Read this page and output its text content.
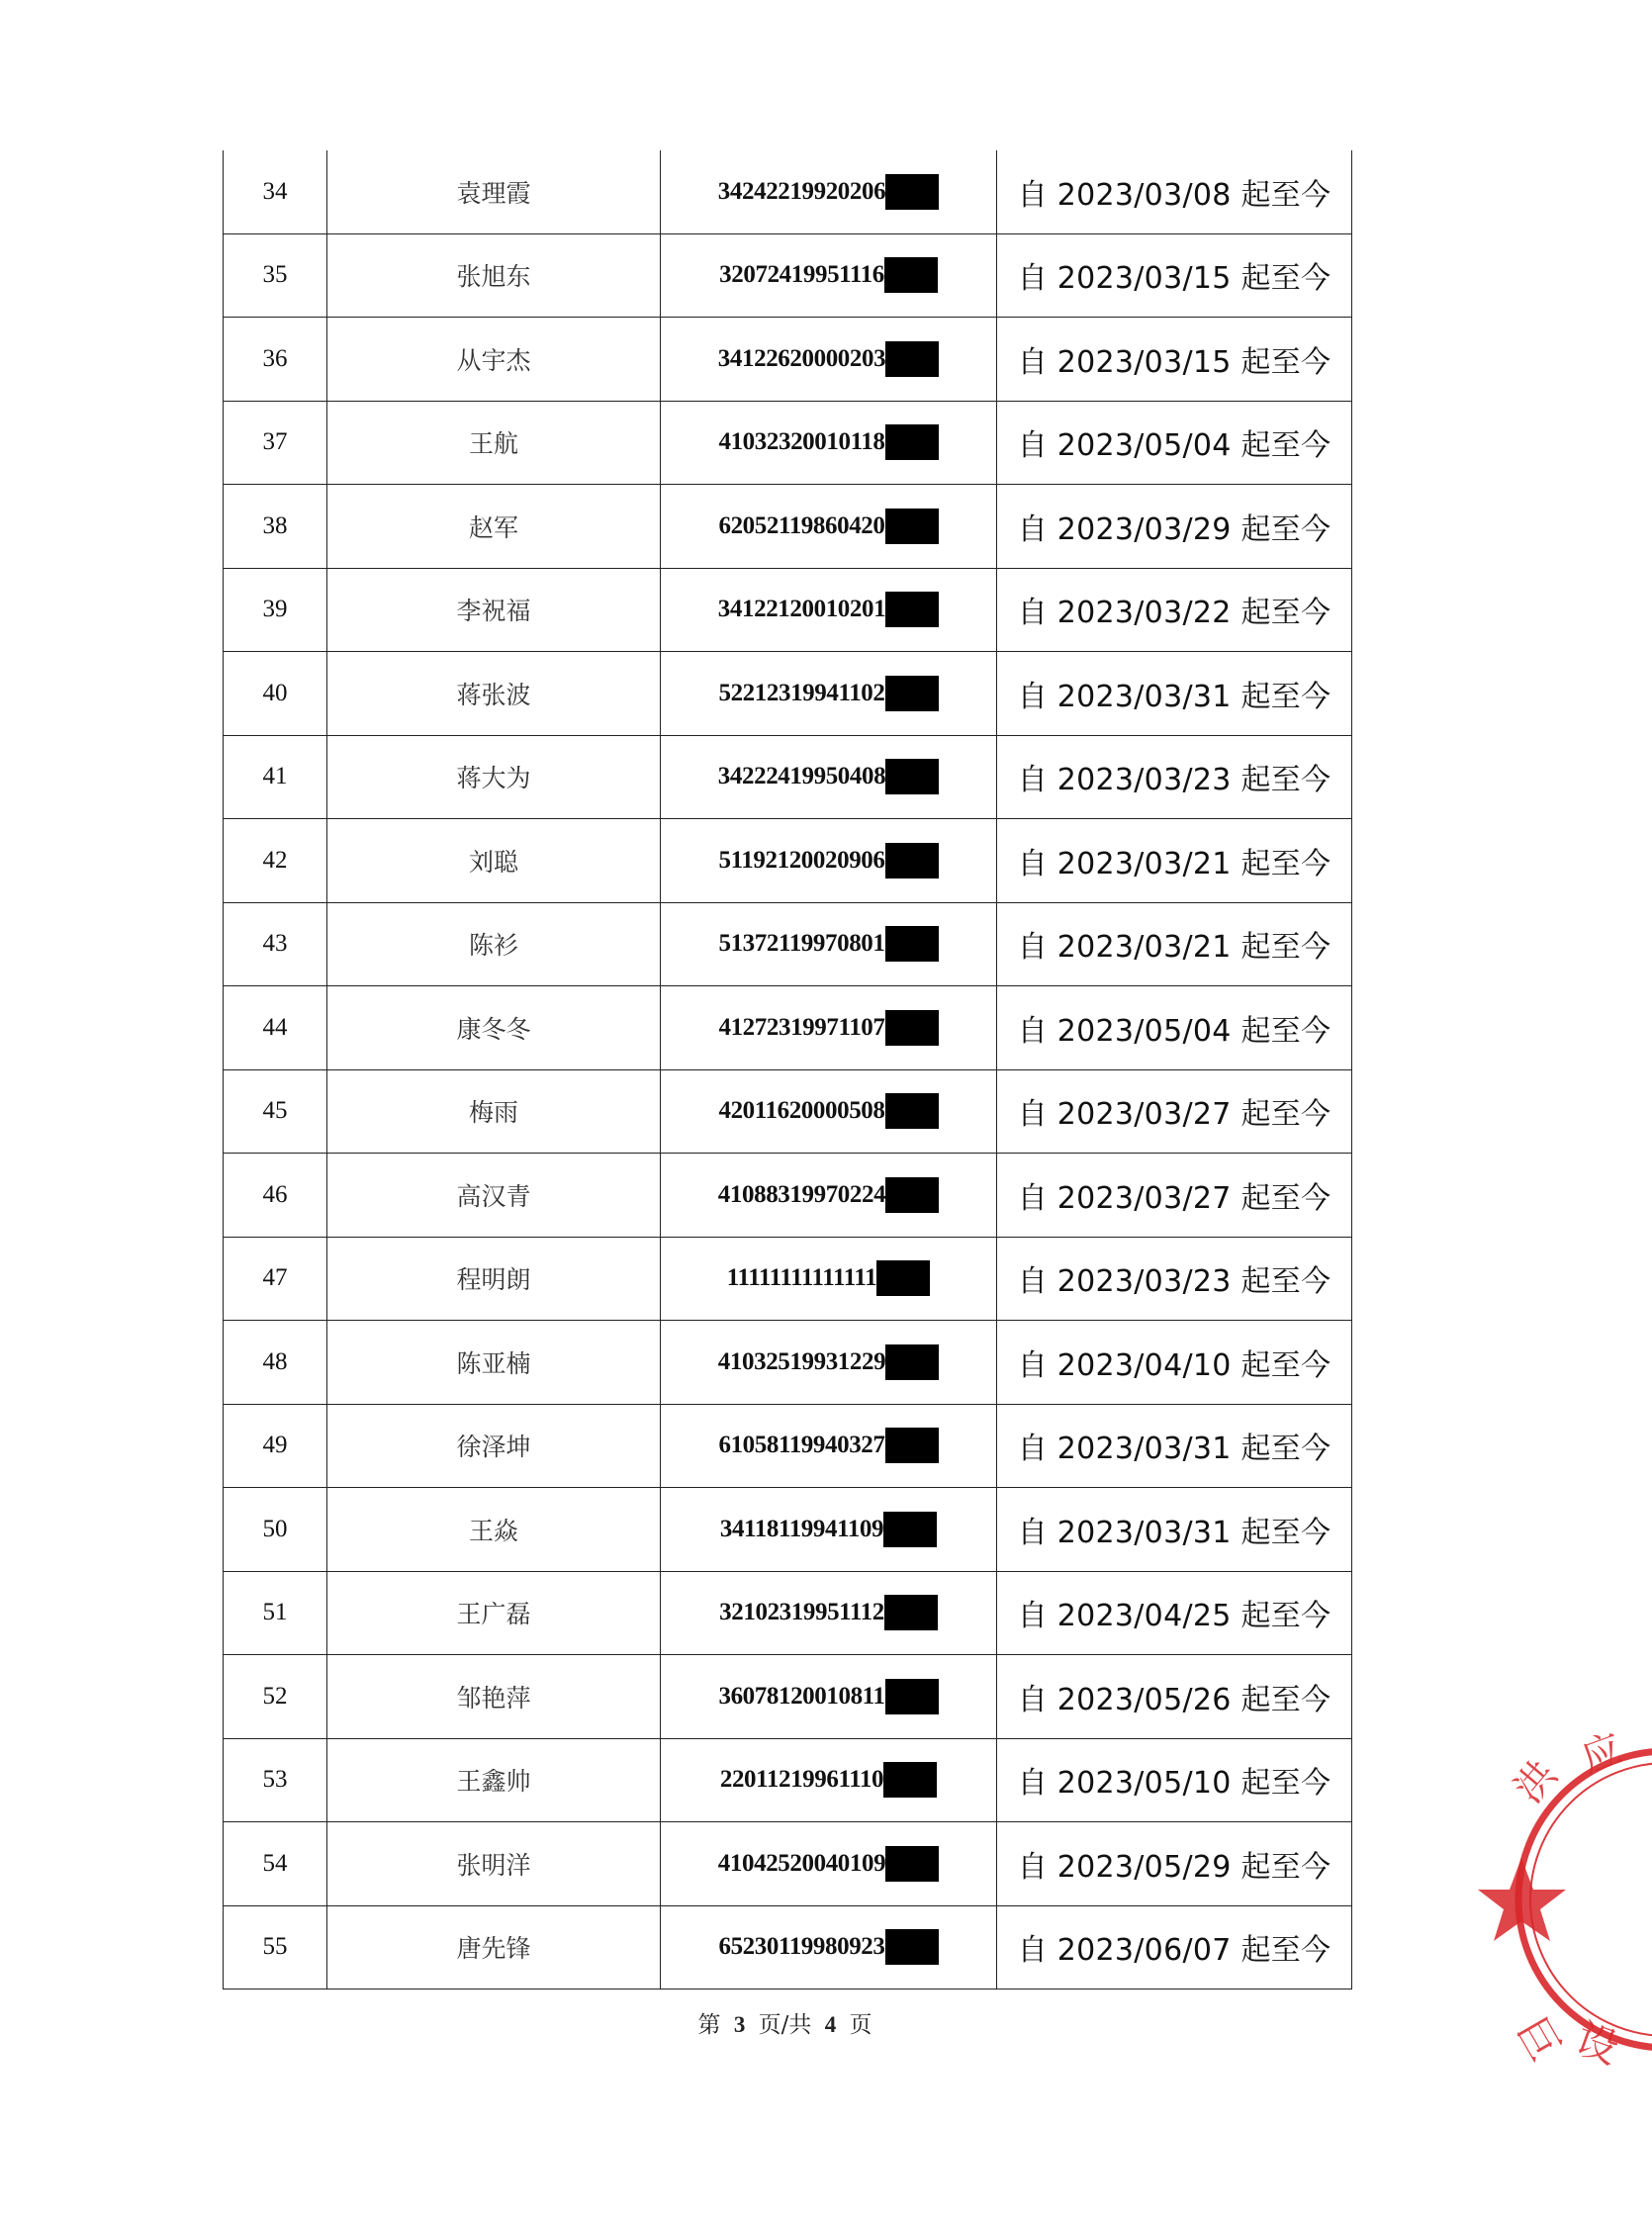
34	袁理霞	34242219920206	自 2023/03/08 起至今
35	张旭东	32072419951116	自 2023/03/15 起至今
36	从宇杰	34122620000203	自 2023/03/15 起至今
37	王航	41032320010118	自 2023/05/04 起至今
38	赵军	62052119860420	自 2023/03/29 起至今
39	李祝福	34122120010201	自 2023/03/22 起至今
40	蒋张波	52212319941102	自 2023/03/31 起至今
41	蒋大为	34222419950408	自 2023/03/23 起至今
42	刘聪	51192120020906	自 2023/03/21 起至今
43	陈衫	51372119970801	自 2023/03/21 起至今
44	康冬冬	41272319971107	自 2023/05/04 起至今
45	梅雨	42011620000508	自 2023/03/27 起至今
46	高汉青	41088319970224	自 2023/03/27 起至今
47	程明朗	11111111111111	自 2023/03/23 起至今
48	陈亚楠	41032519931229	自 2023/04/10 起至今
49	徐泽坤	61058119940327	自 2023/03/31 起至今
50	王焱	34118119941109	自 2023/03/31 起至今
51	王广磊	32102319951112	自 2023/04/25 起至今
52	邹艳萍	36078120010811	自 2023/05/26 起至今
53	王鑫帅	22011219961110	自 2023/05/10 起至今
54	张明洋	41042520040109	自 2023/05/29 起至今
55	唐先锋	65230119980923	自 2023/06/07 起至今
第 3 页/共 4 页
洪 应
巨 设
